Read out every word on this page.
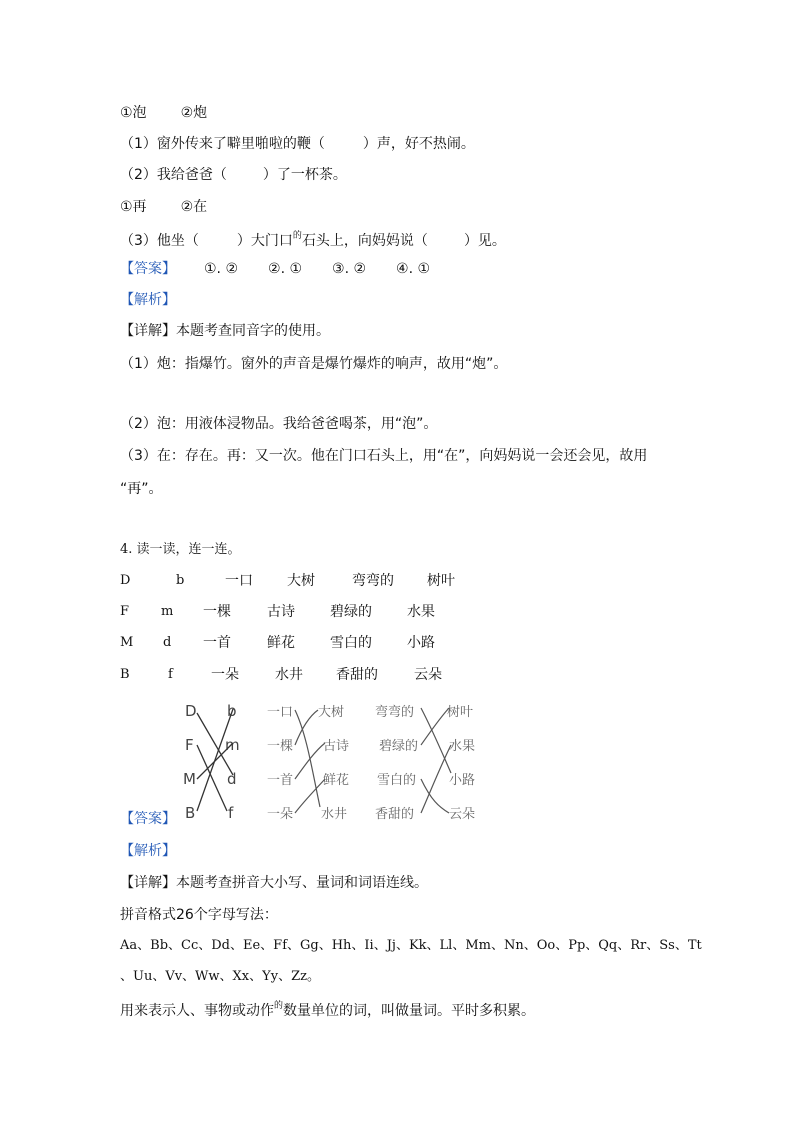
①泡 ②炮
（1）窗外传来了噼里啪啦的鞭（	）声，好不热闹。
（2）我给爸爸（	）了一杯茶。
①再 ②在
（3）他坐（	）大门口$^的$石头上，向妈妈说（	）见。
【答案】 ①. ② ②. ① ③. ② ④. ①
【解析】
【详解】本题考查同音字的使用。
（1）炮：指爆竹。窗外的声音是爆竹爆炸的响声，故用“炮”。
（2）泡：用液体浸物品。我给爸爸喝茶，用“泡”。
（3）在：存在。再：又一次。他在门口石头上，用“在”，向妈妈说一会还会见，故用
“再”。
4. 读一读，连一连。
D	b	一口 大树	弯弯的 树叶
F m 一棵	古诗	碧绿的	水果
M d 一首	鲜花	雪白的	小路
B	f	一朵	水井 香甜的	云朵
D
F
M
B
b
m
d
f
一口
一棵
一首
一朵
大树
古诗
鲜花
水井
弯弯的
碧绿的
雪白的
香甜的
树叶
水果
小路
云朵
【答案】
【解析】
【详解】本题考查拼音大小写、量词和词语连线。
拼音格式26个字母写法：
Aa、Bb、Cc、Dd、Ee、Ff、Gg、Hh、Ii、Jj、Kk、Ll、Mm、Nn、Oo、Pp、Qq、Rr、Ss、Tt
、Uu、Vv、Ww、Xx、Yy、Zz。
用来表示人、事物或动作$^的$数量单位的词，叫做量词。平时多积累。
